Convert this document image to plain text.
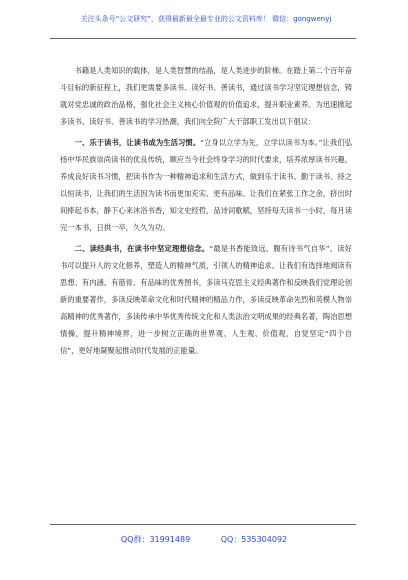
关注头条号“公文研究”，获得最新最全最专业的公文资料库！ 微信：gongwenyj

书籍是人类知识的载体，是人类智慧的结晶，是人类进步的阶梯。在踏上第二个百年奋斗目标的新征程上，我们更需要多读书、读好书、善读书，通过读书学习坚定理想信念，铸就对党忠诚的政治品格，强化社会主义核心价值观的价值追求，提升职业素养。为迅速掀起多读书、读好书、善读书的学习热潮，我们向全院广大干部职工发出以下倡议：

一、乐于读书，让读书成为生活习惯。“立身以立学为先，立学以读书为本。”让我们弘扬中华民族崇尚读书的优良传统，顺应当今社会终身学习的时代要求，培养浓厚读书兴趣，养成良好读书习惯，把读书作为一种精神追求和生活方式，做到乐于读书、勤于读书、持之以恒读书，让我们的生活因为读书而更加充实、更有品味。让我们在紧张工作之余，挤出时间捧起书本，静下心来沐浴书香，知文史经哲，品诗词歌赋，坚持每天读书一小时，每月读完一本书，日拱一卒，久久为功。

二、读经典书，在读书中坚定理想信念。“最是书香能致远，腹有诗书气自华”。读好书可以提升人的文化修养，塑造人的精神气质，引领人的精神追求。让我们有选择地阅读有思想、有内涵、有筋骨、有品味的优秀图书，多读马克思主义经典著作和反映我们党理论创新的重要著作，多读反映革命文化和时代精神的精品力作，多读反映革命先烈和英模人物崇高精神的优秀著作，多读传承中华优秀传统文化和人类法治文明成果的经典名著，陶冶思想情操，提升精神境界，进一步树立正确的世界观、人生观、价值观，自觉坚定“四个自信”，更好地凝聚起推动时代发展的正能量。

QQ群：31991489	QQ：535304092
